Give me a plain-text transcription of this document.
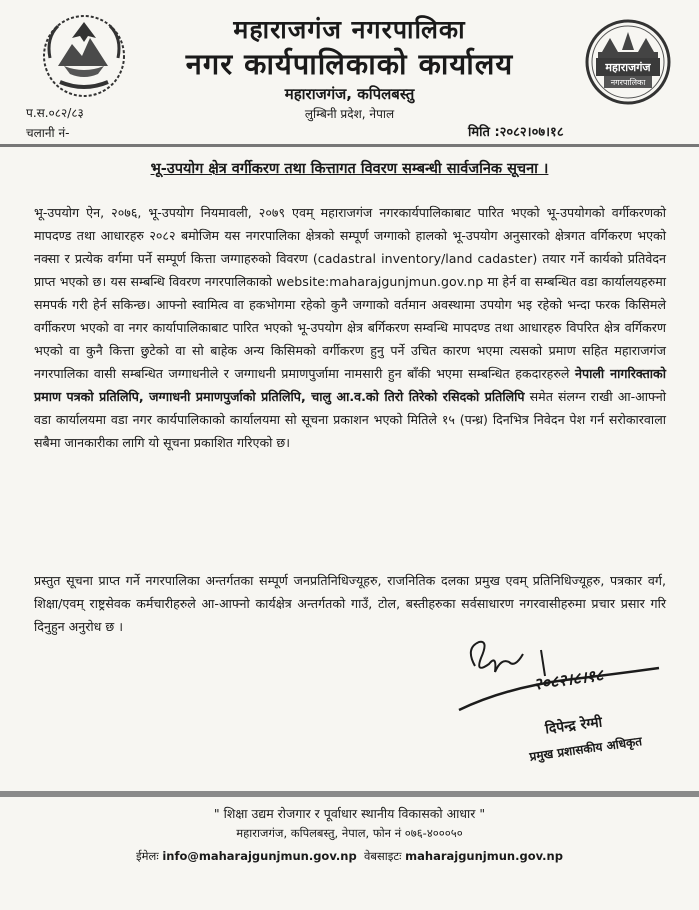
महाराजगंज नगरपालिका
नगर कार्यपालिकाको कार्यालय
महाराजगंज, कपिलबस्तु
लुम्बिनी प्रदेश, नेपाल
महाराजगंज
नगरपालिका
प.स.०८२/८३
चलानी नं-	मिति :२०८२।०७।१८
भू-उपयोग क्षेत्र वर्गीकरण तथा कित्तागत विवरण सम्बन्धी सार्वजनिक सूचना ।
भू-उपयोग ऐन, २०७६, भू-उपयोग नियमावली, २०७९ एवम् महाराजगंज नगरकार्यपालिकाबाट पारित भएको भू-उपयोगको वर्गीकरणको मापदण्ड तथा आधारहरु २०८२ बमोजिम यस नगरपालिका क्षेत्रको सम्पूर्ण जग्गाको हालको भू-उपयोग अनुसारको क्षेत्रगत वर्गिकरण भएको नक्सा र प्रत्येक वर्गमा पर्ने सम्पूर्ण कित्ता जग्गाहरुको विवरण (cadastral inventory/land cadaster) तयार गर्ने कार्यको प्रतिवेदन प्राप्त भएको छ। यस सम्बन्धि विवरण नगरपालिकाको website:maharajgunjmun.gov.np मा हेर्न वा सम्बन्धित वडा कार्यालयहरुमा समपर्क गरी हेर्न सकिन्छ। आफ्नो स्वामित्व वा हकभोगमा रहेको कुनै जग्गाको वर्तमान अवस्थामा उपयोग भइ रहेको भन्दा फरक किसिमले वर्गीकरण भएको वा नगर कार्यापालिकाबाट पारित भएको भू-उपयोग क्षेत्र बर्गिकरण सम्वन्धि मापदण्ड तथा आधारहरु विपरित क्षेत्र वर्गिकरण भएको वा कुनै कित्ता छुटेको वा सो बाहेक अन्य किसिमको वर्गीकरण हुनु पर्ने उचित कारण भएमा त्यसको प्रमाण सहित महाराजगंज नगरपालिका वासी सम्बन्धित जग्गाधनीले र जग्गाधनी प्रमाणपुर्जामा नामसारी हुन बाँकी भएमा सम्बन्धित हकदारहरुले नेपाली नागरिक्ताको प्रमाण पत्रको प्रतिलिपि, जग्गाधनी प्रमाणपुर्जाको प्रतिलिपि, चालु आ.व.को तिरो तिरेको रसिदको प्रतिलिपि समेत संलग्न राखी आ-आफ्नो वडा कार्यालयमा वडा नगर कार्यपालिकाको कार्यालयमा सो सूचना प्रकाशन भएको मितिले १५ (पन्ध्र) दिनभित्र निवेदन पेश गर्न सरोकारवाला सबैमा जानकारीका लागि यो सूचना प्रकाशित गरिएको छ।
प्रस्तुत सूचना प्राप्त गर्ने नगरपालिका अन्तर्गतका सम्पूर्ण जनप्रतिनिधिज्यूहरु, राजनितिक दलका प्रमुख एवम् प्रतिनिधिज्यूहरु, पत्रकार वर्ग, शिक्षा/एवम् राष्ट्रसेवक कर्मचारीहरुले आ-आफ्नो कार्यक्षेत्र अन्तर्गतको गाउँ, टोल, बस्तीहरुका सर्वसाधारण नगरवासीहरुमा प्रचार प्रसार गरि दिनुहुन अनुरोध छ ।
२०८२।८।१८
दिपेन्द्र रेग्मी
प्रमुख प्रशासकीय अधिकृत
" शिक्षा उद्यम रोजगार र पूर्वाधार स्थानीय विकासको आधार "
महाराजगंज, कपिलबस्तु, नेपाल, फोन नं ०७६-४०००५०
ईमेलः info@maharajgunjmun.gov.np वेबसाइटः maharajgunjmun.gov.np
